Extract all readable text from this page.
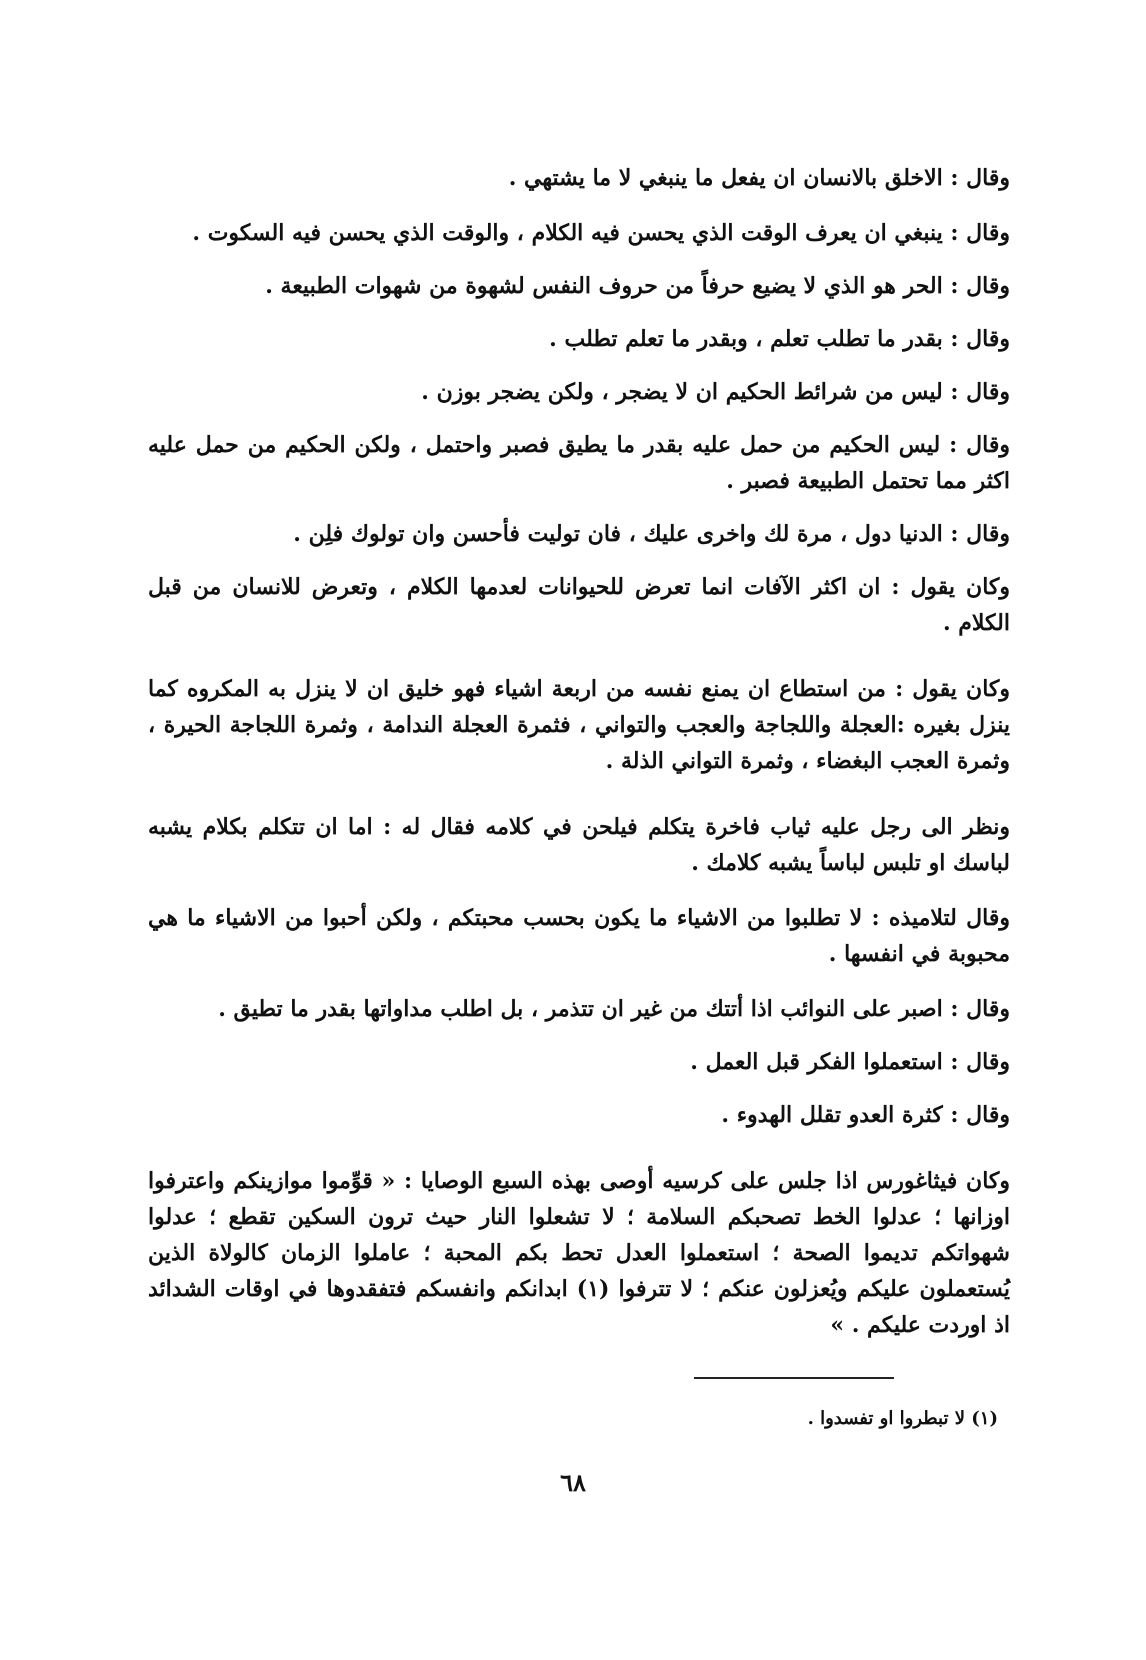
وقال : الاخلق بالانسان ان يفعل ما ينبغي لا ما يشتهي .

وقال : ينبغي ان يعرف الوقت الذي يحسن فيه الكلام ، والوقت الذي يحسن فيه السكوت .

وقال : الحر هو الذي لا يضيع حرفاً من حروف النفس لشهوة من شهوات الطبيعة .

وقال : بقدر ما تطلب تعلم ، وبقدر ما تعلم تطلب .

وقال : ليس من شرائط الحكيم ان لا يضجر ، ولكن يضجر بوزن .

وقال : ليس الحكيم من حمل عليه بقدر ما يطيق فصبر واحتمل ، ولكن الحكيم من حمل عليه اكثر مما تحتمل الطبيعة فصبر .

وقال : الدنيا دول ، مرة لك واخرى عليك ، فان توليت فأحسن وان تولوك فلِن .

وكان يقول : ان اكثر الآفات انما تعرض للحيوانات لعدمها الكلام ، وتعرض للانسان من قبل الكلام .

وكان يقول : من استطاع ان يمنع نفسه من اربعة اشياء فهو خليق ان لا ينزل به المكروه كما ينزل بغيره :العجلة واللجاجة والعجب والتواني ، فثمرة العجلة الندامة ، وثمرة اللجاجة الحيرة ، وثمرة العجب البغضاء ، وثمرة التواني الذلة .

ونظر الى رجل عليه ثياب فاخرة يتكلم فيلحن في كلامه فقال له : اما ان تتكلم بكلام يشبه لباسك او تلبس لباساً يشبه كلامك .

وقال لتلاميذه : لا تطلبوا من الاشياء ما يكون بحسب محبتكم ، ولكن أحبوا من الاشياء ما هي محبوبة في انفسها .

وقال : اصبر على النوائب اذا أتتك من غير ان تتذمر ، بل اطلب مداواتها بقدر ما تطيق .

وقال : استعملوا الفكر قبل العمل .

وقال : كثرة العدو تقلل الهدوء .

وكان فيثاغورس اذا جلس على كرسيه أوصى بهذه السبع الوصايا : « قوِّموا موازينكم واعترفوا اوزانها ؛ عدلوا الخط تصحبكم السلامة ؛ لا تشعلوا النار حيث ترون السكين تقطع ؛ عدلوا شهواتكم تديموا الصحة ؛ استعملوا العدل تحط بكم المحبة ؛ عاملوا الزمان كالولاة الذين يُستعملون عليكم ويُعزلون عنكم ؛ لا تترفوا (١) ابدانكم وانفسكم فتفقدوها في اوقات الشدائد اذ اوردت عليكم . »

(١) لا تبطروا او تفسدوا .
٦٨
